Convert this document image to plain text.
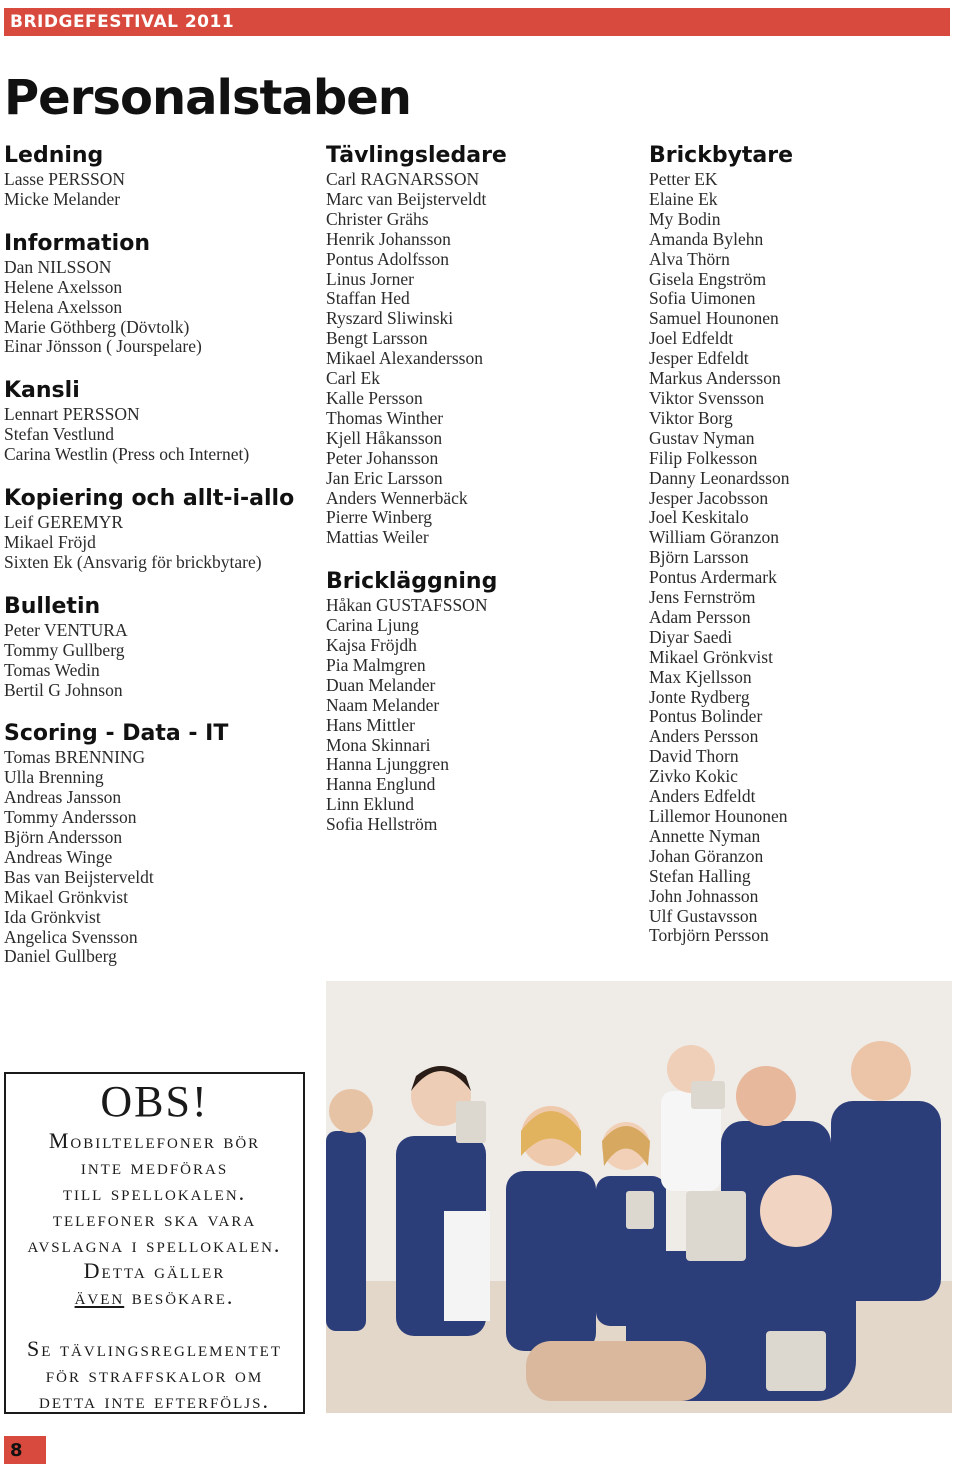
BRIDGEFESTIVAL 2011
Personalstaben
Ledning
Lasse PERSSON
Micke Melander
Information
Dan NILSSON
Helene Axelsson
Helena Axelsson
Marie Göthberg (Dövtolk)
Einar Jönsson ( Jourspelare)
Kansli
Lennart PERSSON
Stefan Vestlund
Carina Westlin (Press och Internet)
Kopiering och allt-i-allo
Leif GEREMYR
Mikael Fröjd
Sixten Ek (Ansvarig för brickbytare)
Bulletin
Peter VENTURA
Tommy Gullberg
Tomas Wedin
Bertil G Johnson
Scoring - Data - IT
Tomas BRENNING
Ulla Brenning
Andreas Jansson
Tommy Andersson
Björn Andersson
Andreas Winge
Bas van Beijsterveldt
Mikael Grönkvist
Ida Grönkvist
Angelica Svensson
Daniel Gullberg
Tävlingsledare
Carl RAGNARSSON
Marc van Beijsterveldt
Christer Grähs
Henrik Johansson
Pontus Adolfsson
Linus Jorner
Staffan Hed
Ryszard Sliwinski
Bengt Larsson
Mikael Alexandersson
Carl Ek
Kalle Persson
Thomas Winther
Kjell Håkansson
Peter Johansson
Jan Eric Larsson
Anders Wennerbäck
Pierre Winberg
Mattias Weiler
Brickläggning
Håkan GUSTAFSSON
Carina Ljung
Kajsa Fröjdh
Pia Malmgren
Duan Melander
Naam Melander
Hans Mittler
Mona Skinnari
Hanna Ljunggren
Hanna Englund
Linn Eklund
Sofia Hellström
Brickbytare
Petter EK
Elaine Ek
My Bodin
Amanda Bylehn
Alva Thörn
Gisela Engström
Sofia Uimonen
Samuel Hounonen
Joel Edfeldt
Jesper Edfeldt
Markus Andersson
Viktor Svensson
Viktor Borg
Gustav Nyman
Filip Folkesson
Danny Leonardsson
Jesper Jacobsson
Joel Keskitalo
William Göranzon
Björn Larsson
Pontus Ardermark
Jens Fernström
Adam Persson
Diyar Saedi
Mikael Grönkvist
Max Kjellsson
Jonte Rydberg
Pontus Bolinder
Anders Persson
David Thorn
Zivko Kokic
Anders Edfeldt
Lillemor Hounonen
Annette Nyman
Johan Göranzon
Stefan Halling
John Johnasson
Ulf Gustavsson
Torbjörn Persson
OBS!
Mobiltelefoner bör
inte medföras
till spellokalen.
telefoner ska vara
avslagna i spellokalen.
Detta gäller
även besökare.
Se tävlingsreglementet
för straffskalor om
detta inte efterföljs.
8
